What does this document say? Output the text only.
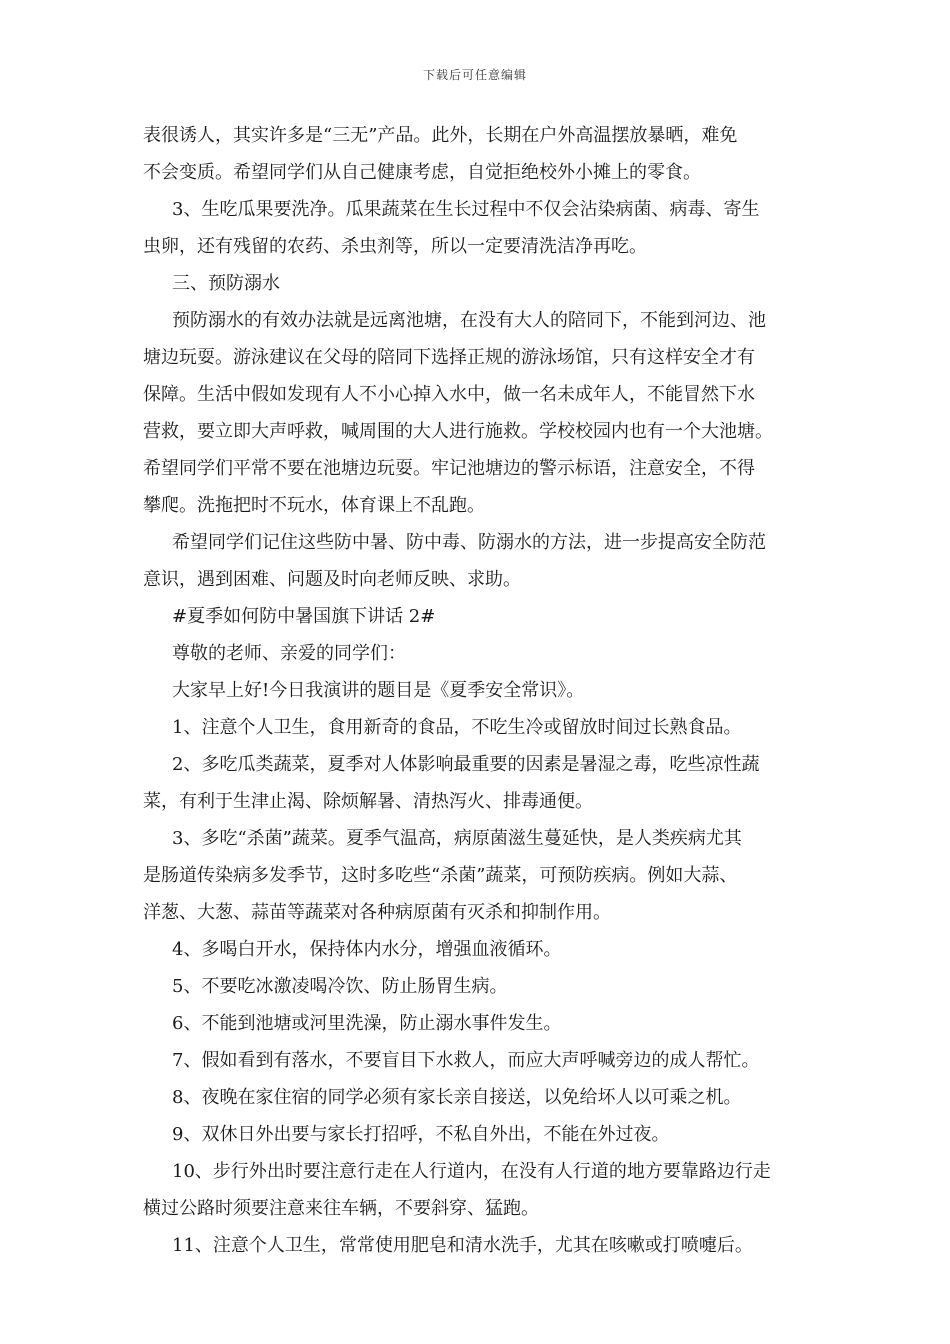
下载后可任意编辑
表很诱人，其实许多是“三无”产品。此外，长期在户外高温摆放暴晒，难免
不会变质。希望同学们从自己健康考虑，自觉拒绝校外小摊上的零食。
3、生吃瓜果要洗净。瓜果蔬菜在生长过程中不仅会沾染病菌、病毒、寄生
虫卵，还有残留的农药、杀虫剂等，所以一定要清洗洁净再吃。
三、预防溺水
预防溺水的有效办法就是远离池塘，在没有大人的陪同下，不能到河边、池
塘边玩耍。游泳建议在父母的陪同下选择正规的游泳场馆，只有这样安全才有
保障。生活中假如发现有人不小心掉入水中，做一名未成年人，不能冒然下水
营救，要立即大声呼救，喊周围的大人进行施救。学校校园内也有一个大池塘。
希望同学们平常不要在池塘边玩耍。牢记池塘边的警示标语，注意安全，不得
攀爬。洗拖把时不玩水，体育课上不乱跑。
希望同学们记住这些防中暑、防中毒、防溺水的方法，进一步提高安全防范
意识，遇到困难、问题及时向老师反映、求助。
#夏季如何防中暑国旗下讲话 2#
尊敬的老师、亲爱的同学们：
大家早上好!今日我演讲的题目是《夏季安全常识》。
1、注意个人卫生，食用新奇的食品，不吃生冷或留放时间过长熟食品。
2、多吃瓜类蔬菜，夏季对人体影响最重要的因素是暑湿之毒，吃些凉性蔬
菜，有利于生津止渴、除烦解暑、清热泻火、排毒通便。
3、多吃“杀菌”蔬菜。夏季气温高，病原菌滋生蔓延快，是人类疾病尤其
是肠道传染病多发季节，这时多吃些“杀菌”蔬菜，可预防疾病。例如大蒜、
洋葱、大葱、蒜苗等蔬菜对各种病原菌有灭杀和抑制作用。
4、多喝白开水，保持体内水分，增强血液循环。
5、不要吃冰激凌喝冷饮、防止肠胃生病。
6、不能到池塘或河里洗澡，防止溺水事件发生。
7、假如看到有落水，不要盲目下水救人，而应大声呼喊旁边的成人帮忙。
8、夜晚在家住宿的同学必须有家长亲自接送，以免给坏人以可乘之机。
9、双休日外出要与家长打招呼，不私自外出，不能在外过夜。
10、步行外出时要注意行走在人行道内，在没有人行道的地方要靠路边行走
横过公路时须要注意来往车辆，不要斜穿、猛跑。
11、注意个人卫生，常常使用肥皂和清水洗手，尤其在咳嗽或打喷嚏后。
